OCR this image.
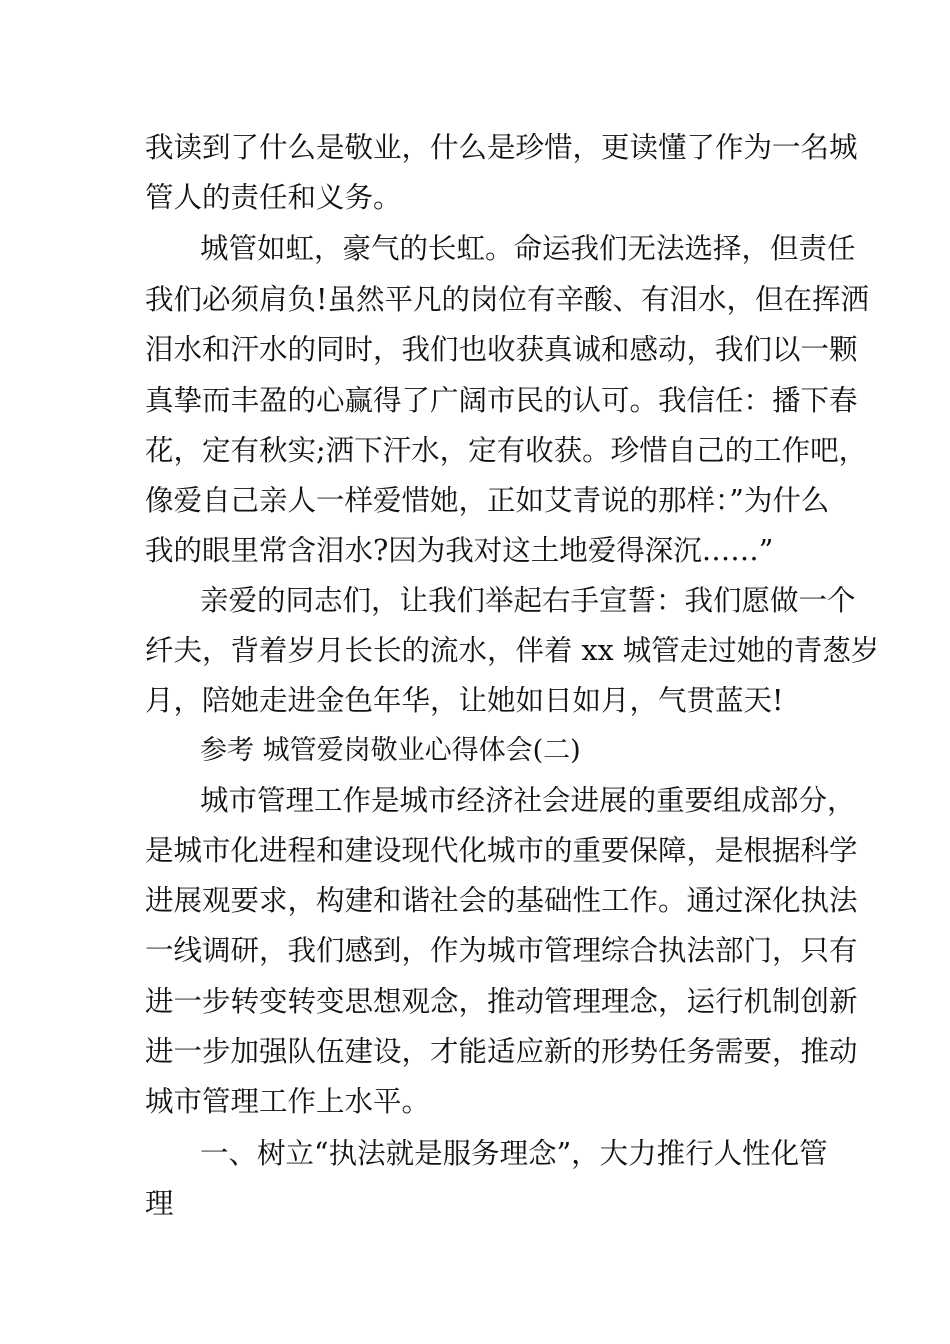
我读到了什么是敬业，什么是珍惜，更读懂了作为一名城
管人的责任和义务。
城管如虹，豪气的长虹。命运我们无法选择，但责任
我们必须肩负!虽然平凡的岗位有辛酸、有泪水，但在挥洒
泪水和汗水的同时，我们也收获真诚和感动，我们以一颗
真挚而丰盈的心赢得了广阔市民的认可。我信任：播下春
花，定有秋实;洒下汗水，定有收获。珍惜自己的工作吧，
像爱自己亲人一样爱惜她，正如艾青说的那样：”为什么
我的眼里常含泪水?因为我对这土地爱得深沉……”
亲爱的同志们，让我们举起右手宣誓：我们愿做一个
纤夫，背着岁月长长的流水，伴着 xx 城管走过她的青葱岁
月，陪她走进金色年华，让她如日如月，气贯蓝天!
参考 城管爱岗敬业心得体会(二)
城市管理工作是城市经济社会进展的重要组成部分，
是城市化进程和建设现代化城市的重要保障，是根据科学
进展观要求，构建和谐社会的基础性工作。通过深化执法
一线调研，我们感到，作为城市管理综合执法部门，只有
进一步转变转变思想观念，推动管理理念，运行机制创新
进一步加强队伍建设，才能适应新的形势任务需要，推动
城市管理工作上水平。
一、树立“执法就是服务理念”，大力推行人性化管
理
